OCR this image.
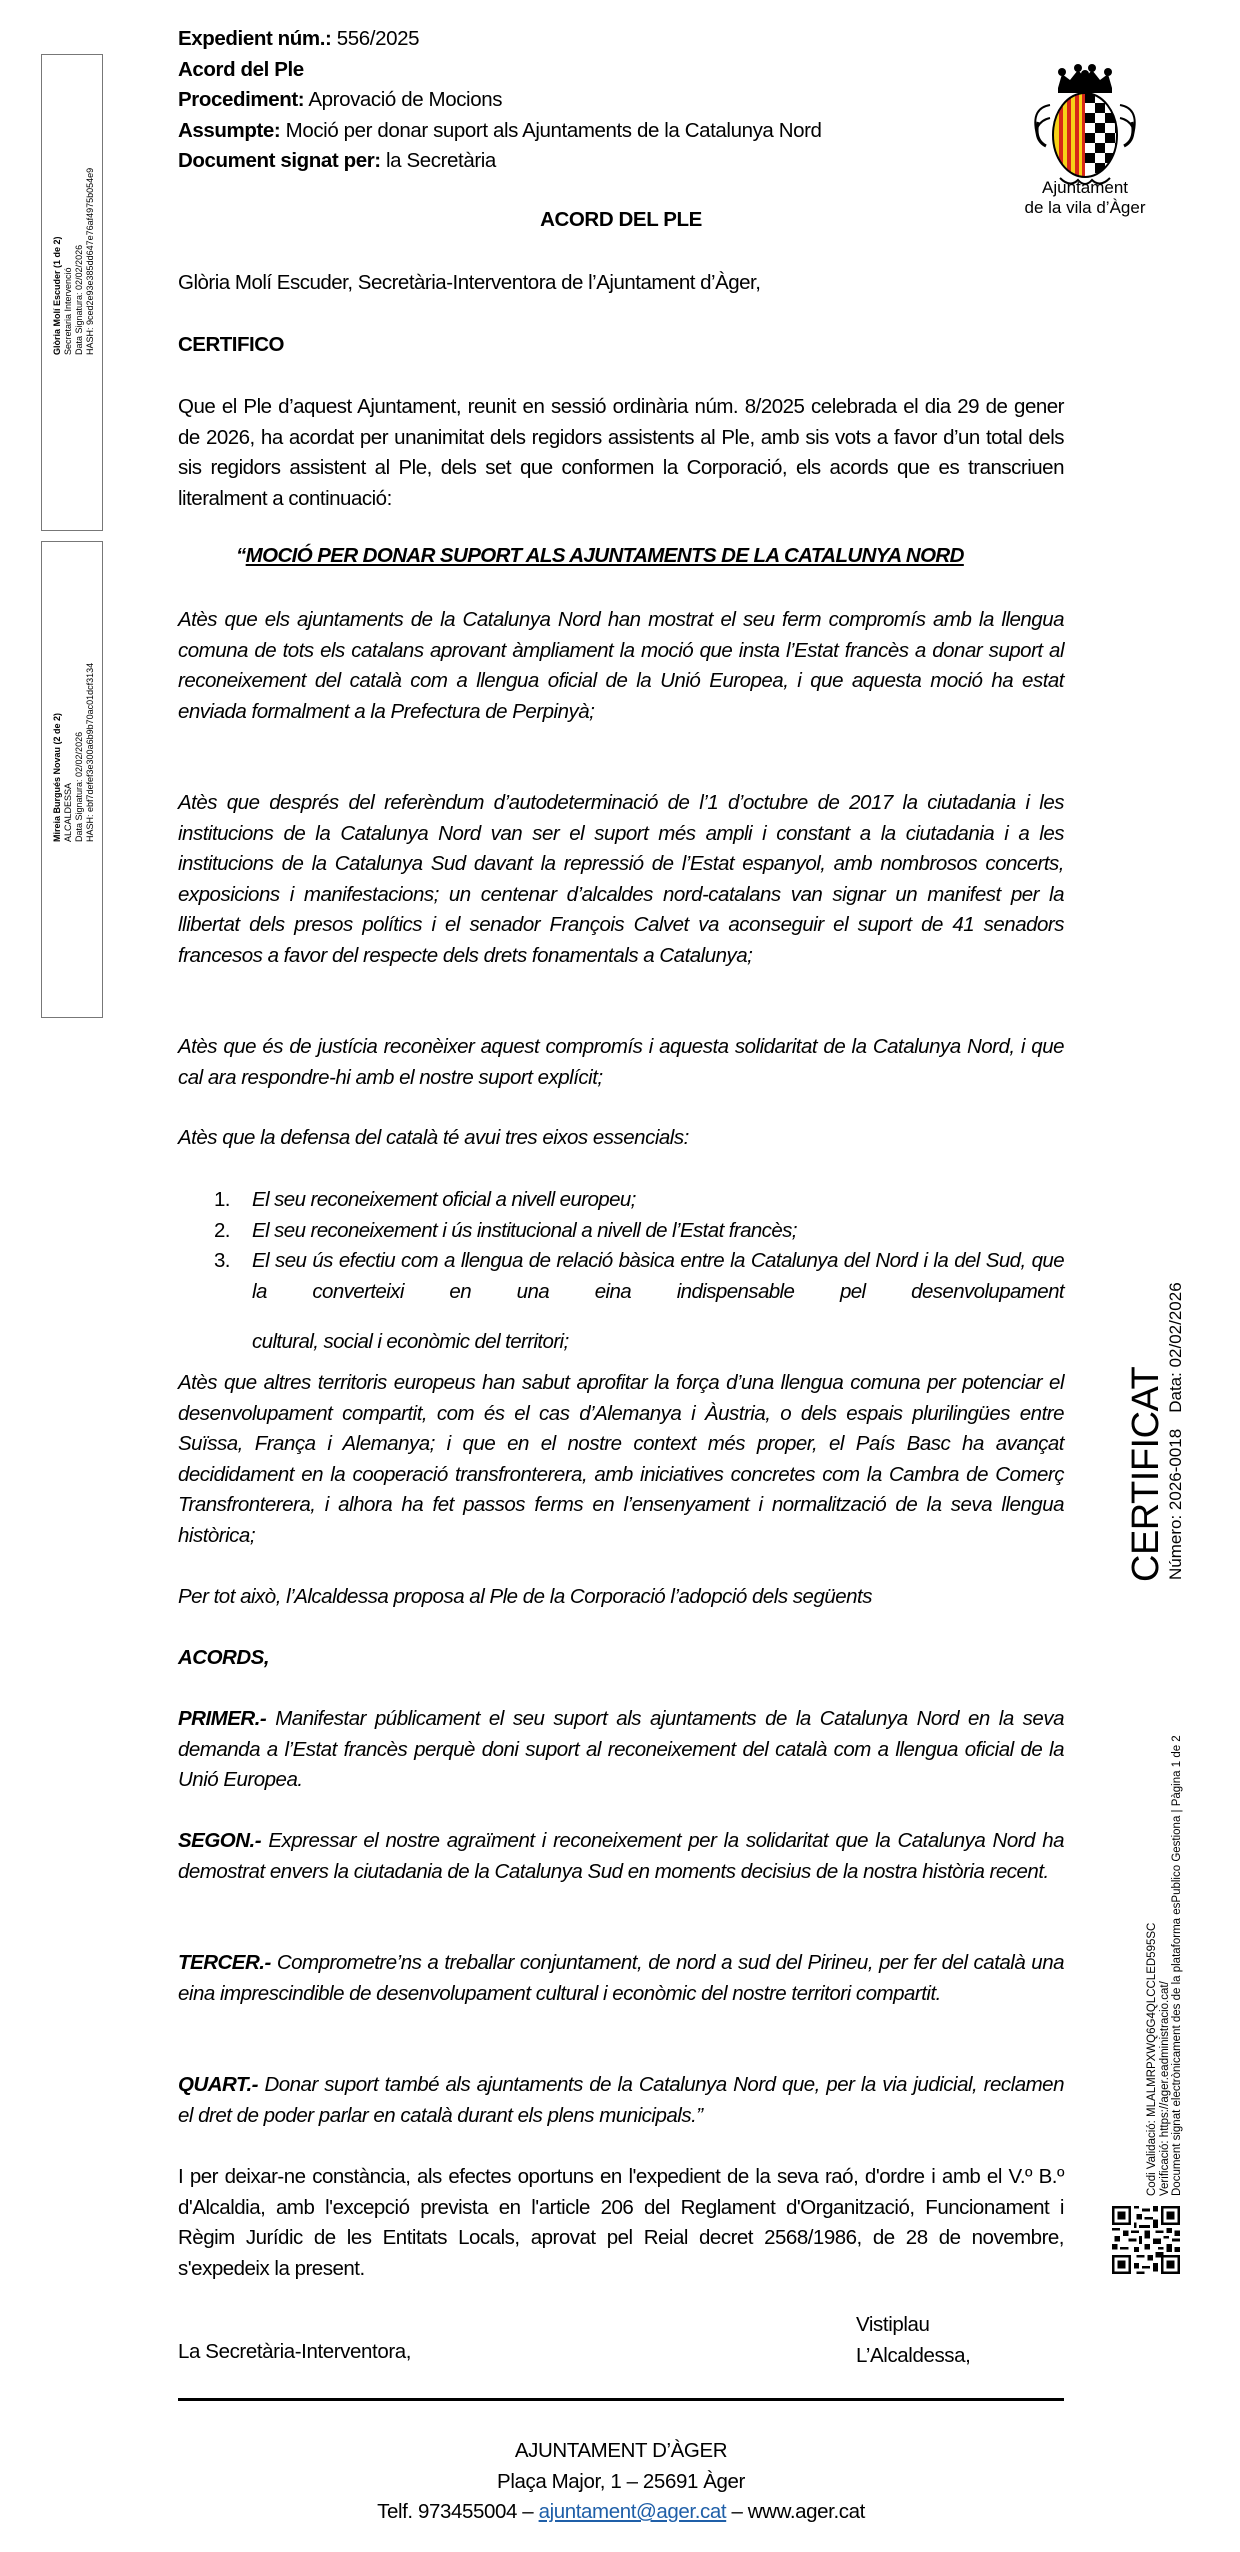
Glòria Molí Escuder (1 de 2) Secretaria Intervenció Data Signatura: 02/02/2026 HASH: 9ced2e93e385dd647e76af4975b054e9
Mireia Burgués Novau (2 de 2) ALCALDESSA Data Signatura: 02/02/2026 HASH: ebf7defef3e300a6b9b70ac01dcf3134
Expedient núm.: 556/2025
Acord del Ple
Procediment: Aprovació de Mocions
Assumpte: Moció per donar suport als Ajuntaments de la Catalunya Nord
Document signat per: la Secretària
Ajuntament
de la vila d’Àger
ACORD DEL PLE
Glòria Molí Escuder, Secretària-Interventora de l’Ajuntament d’Àger,
CERTIFICO
Que el Ple d’aquest Ajuntament, reunit en sessió ordinària núm. 8/2025 celebrada el dia 29 de gener de 2026, ha acordat per unanimitat dels regidors assistents al Ple, amb sis vots a favor d’un total dels sis regidors assistent al Ple, dels set que conformen la Corporació, els acords que es transcriuen literalment a continuació:
“MOCIÓ PER DONAR SUPORT ALS AJUNTAMENTS DE LA CATALUNYA NORD
Atès que els ajuntaments de la Catalunya Nord han mostrat el seu ferm compromís amb la llengua comuna de tots els catalans aprovant àmpliament la moció que insta l’Estat francès a donar suport al reconeixement del català com a llengua oficial de la Unió Europea, i que aquesta moció ha estat enviada formalment a la Prefectura de Perpinyà;
Atès que després del referèndum d’autodeterminació de l’1 d’octubre de 2017 la ciutadania i les institucions de la Catalunya Nord van ser el suport més ampli i constant a la ciutadania i a les institucions de la Catalunya Sud davant la repressió de l’Estat espanyol, amb nombrosos concerts, exposicions i manifestacions; un centenar d’alcaldes nord-catalans van signar un manifest per la llibertat dels presos polítics i el senador François Calvet va aconseguir el suport de 41 senadors francesos a favor del respecte dels drets fonamentals a Catalunya;
Atès que és de justícia reconèixer aquest compromís i aquesta solidaritat de la Catalunya Nord, i que cal ara respondre-hi amb el nostre suport explícit;
Atès que la defensa del català té avui tres eixos essencials:
1. El seu reconeixement oficial a nivell europeu;
2. El seu reconeixement i ús institucional a nivell de l’Estat francès;
3. El seu ús efectiu com a llengua de relació bàsica entre la Catalunya del Nord i la del Sud, que la converteixi en una eina indispensable pel desenvolupament
cultural, social i econòmic del territori;
Atès que altres territoris europeus han sabut aprofitar la força d’una llengua comuna per potenciar el desenvolupament compartit, com és el cas d’Alemanya i Àustria, o dels espais plurilingües entre Suïssa, França i Alemanya; i que en el nostre context més proper, el País Basc ha avançat decididament en la cooperació transfronterera, amb iniciatives concretes com la Cambra de Comerç Transfronterera, i alhora ha fet passos ferms en l’ensenyament i normalització de la seva llengua històrica;
Per tot això, l’Alcaldessa proposa al Ple de la Corporació l’adopció dels següents
ACORDS,
PRIMER.- Manifestar públicament el seu suport als ajuntaments de la Catalunya Nord en la seva demanda a l’Estat francès perquè doni suport al reconeixement del català com a llengua oficial de la Unió Europea.
SEGON.- Expressar el nostre agraïment i reconeixement per la solidaritat que la Catalunya Nord ha demostrat envers la ciutadania de la Catalunya Sud en moments decisius de la nostra història recent.
TERCER.- Comprometre’ns a treballar conjuntament, de nord a sud del Pirineu, per fer del català una eina imprescindible de desenvolupament cultural i econòmic del nostre territori compartit.
QUART.- Donar suport també als ajuntaments de la Catalunya Nord que, per la via judicial, reclamen el dret de poder parlar en català durant els plens municipals.”
I per deixar-ne constància, als efectes oportuns en l'expedient de la seva raó, d'ordre i amb el V.º B.º d'Alcaldia, amb l'excepció prevista en l'article 206 del Reglament d'Organització, Funcionament i Règim Jurídic de les Entitats Locals, aprovat pel Reial decret 2568/1986, de 28 de novembre, s'expedeix la present.
La Secretària-Interventora,
Vistiplau
L’Alcaldessa,
AJUNTAMENT D’ÀGER
Plaça Major, 1 – 25691 Àger
Telf. 973455004 – ajuntament@ager.cat – www.ager.cat
CERTIFICAT Número: 2026-0018Data: 02/02/2026
Codi Validació: MLALMRPXWQ6G4QLCCLED595SC Verificació: https://ager.eadministracio.cat/ Document signat electrònicament des de la plataforma esPublico Gestiona | Pàgina 1 de 2
